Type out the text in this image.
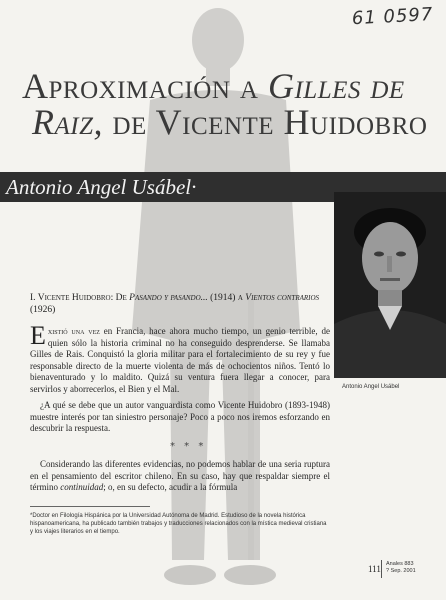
61 0597
Aproximación a Gilles de
Raiz, de Vicente Huidobro
Antonio Angel Usábel·
Antonio Angel Usábel
I. Vicente Huidobro: De Pasando y pasando... (1914) a Vientos contrarios (1926)

Existió una vez en Francia, hace ahora mucho tiempo, un genio terrible, de quien sólo la historia criminal no ha conseguido desprenderse. Se llamaba Gilles de Rais. Conquistó la gloria militar para el fortalecimiento de su rey y fue responsable directo de la muerte violenta de más de ochocientos niños. Tentó lo bienaventurado y lo maldito. Quizá su ventura fuera llegar a conocer, para servirlos y aborrecerlos, el Bien y el Mal.

¿A qué se debe que un autor vanguardista como Vicente Huidobro (1893-1948) muestre interés por tan siniestro personaje? Poco a poco nos iremos esforzando en descubrir la respuesta.

* * *

Considerando las diferentes evidencias, no podemos hablar de una seria ruptura en el pensamiento del escritor chileno. En su caso, hay que respaldar siempre el término continuidad; o, en su defecto, acudir a la fórmula

*Doctor en Filología Hispánica por la Universidad Autónoma de Madrid. Estudioso de la novela histórica hispanoamericana, ha publicado también trabajos y traducciones relacionados con la mística medieval cristiana y los viajes literarios en el tiempo.
111 Anales 883
? Sep. 2001
